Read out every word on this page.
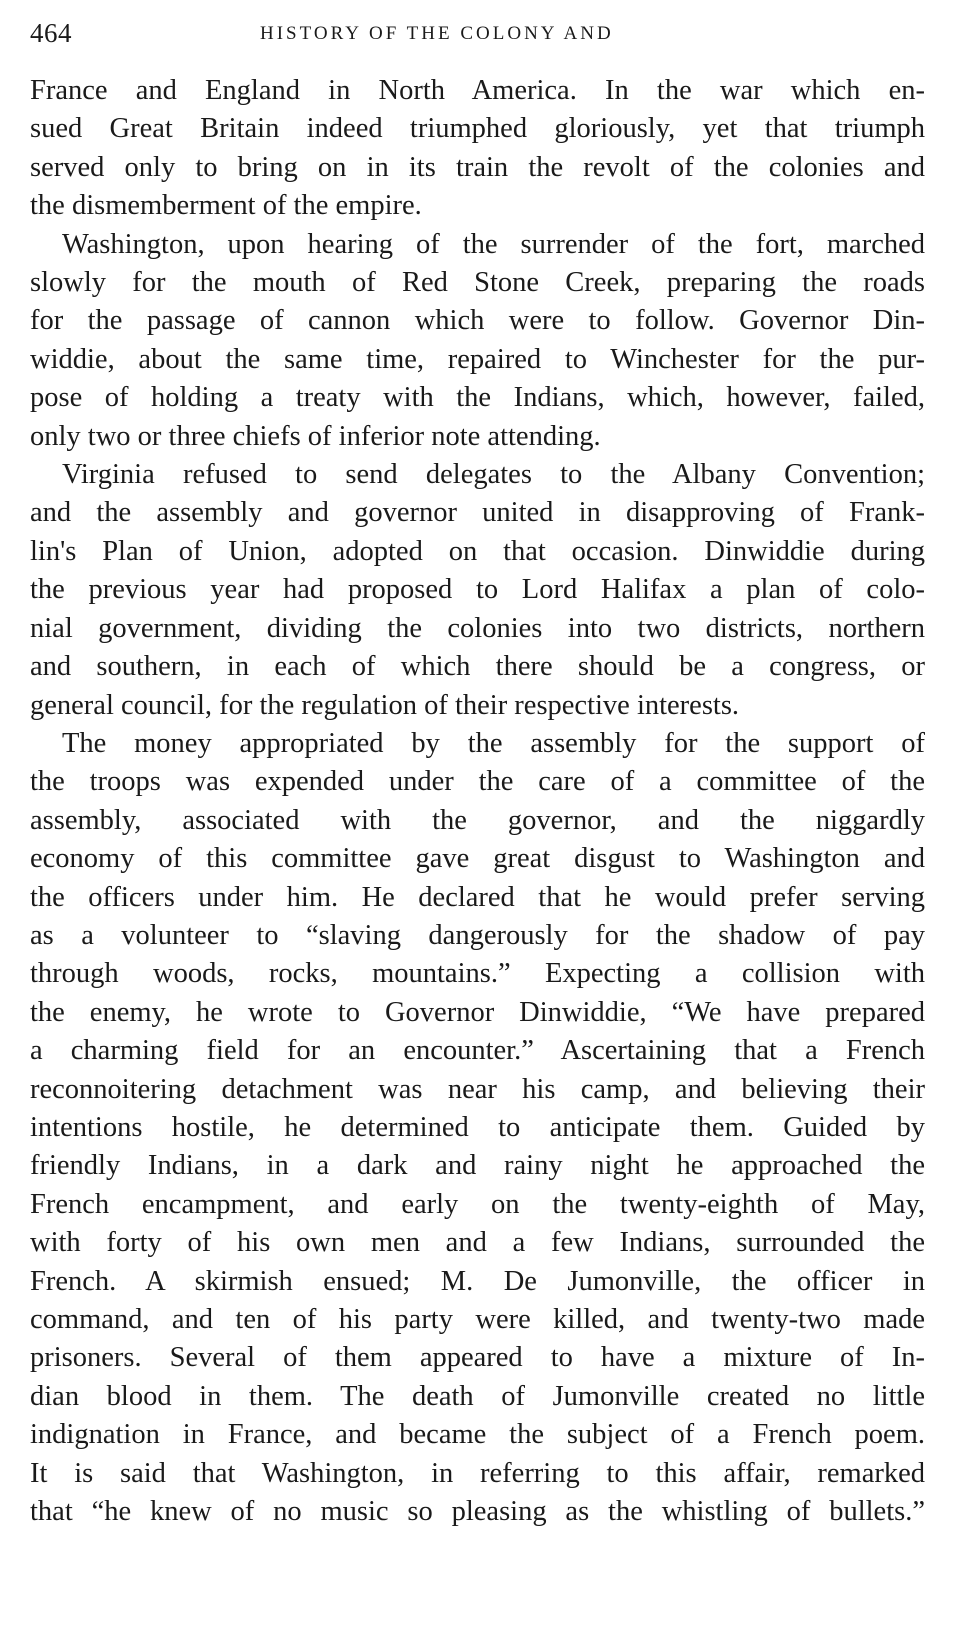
464	HISTORY OF THE COLONY AND

France and England in North America. In the war which en-

sued Great Britain indeed triumphed gloriously, yet that triumph

served only to bring on in its train the revolt of the colonies and

the dismemberment of the empire.

Washington, upon hearing of the surrender of the fort, marched

slowly for the mouth of Red Stone Creek, preparing the roads

for the passage of cannon which were to follow. Governor Din-

widdie, about the same time, repaired to Winchester for the pur-

pose of holding a treaty with the Indians, which, however, failed,

only two or three chiefs of inferior note attending.

Virginia refused to send delegates to the Albany Convention;

and the assembly and governor united in disapproving of Frank-

lin's Plan of Union, adopted on that occasion. Dinwiddie during

the previous year had proposed to Lord Halifax a plan of colo-

nial government, dividing the colonies into two districts, northern

and southern, in each of which there should be a congress, or

general council, for the regulation of their respective interests.

The money appropriated by the assembly for the support of

the troops was expended under the care of a committee of the

assembly, associated with the governor, and the niggardly

economy of this committee gave great disgust to Washington and

the officers under him. He declared that he would prefer serving

as a volunteer to “slaving dangerously for the shadow of pay

through woods, rocks, mountains.” Expecting a collision with

the enemy, he wrote to Governor Dinwiddie, “We have prepared

a charming field for an encounter.” Ascertaining that a French

reconnoitering detachment was near his camp, and believing their

intentions hostile, he determined to anticipate them. Guided by

friendly Indians, in a dark and rainy night he approached the

French encampment, and early on the twenty-eighth of May,

with forty of his own men and a few Indians, surrounded the

French. A skirmish ensued; M. De Jumonville, the officer in

command, and ten of his party were killed, and twenty-two made

prisoners. Several of them appeared to have a mixture of In-

dian blood in them. The death of Jumonville created no little

indignation in France, and became the subject of a French poem.

It is said that Washington, in referring to this affair, remarked

that “he knew of no music so pleasing as the whistling of bullets.”
